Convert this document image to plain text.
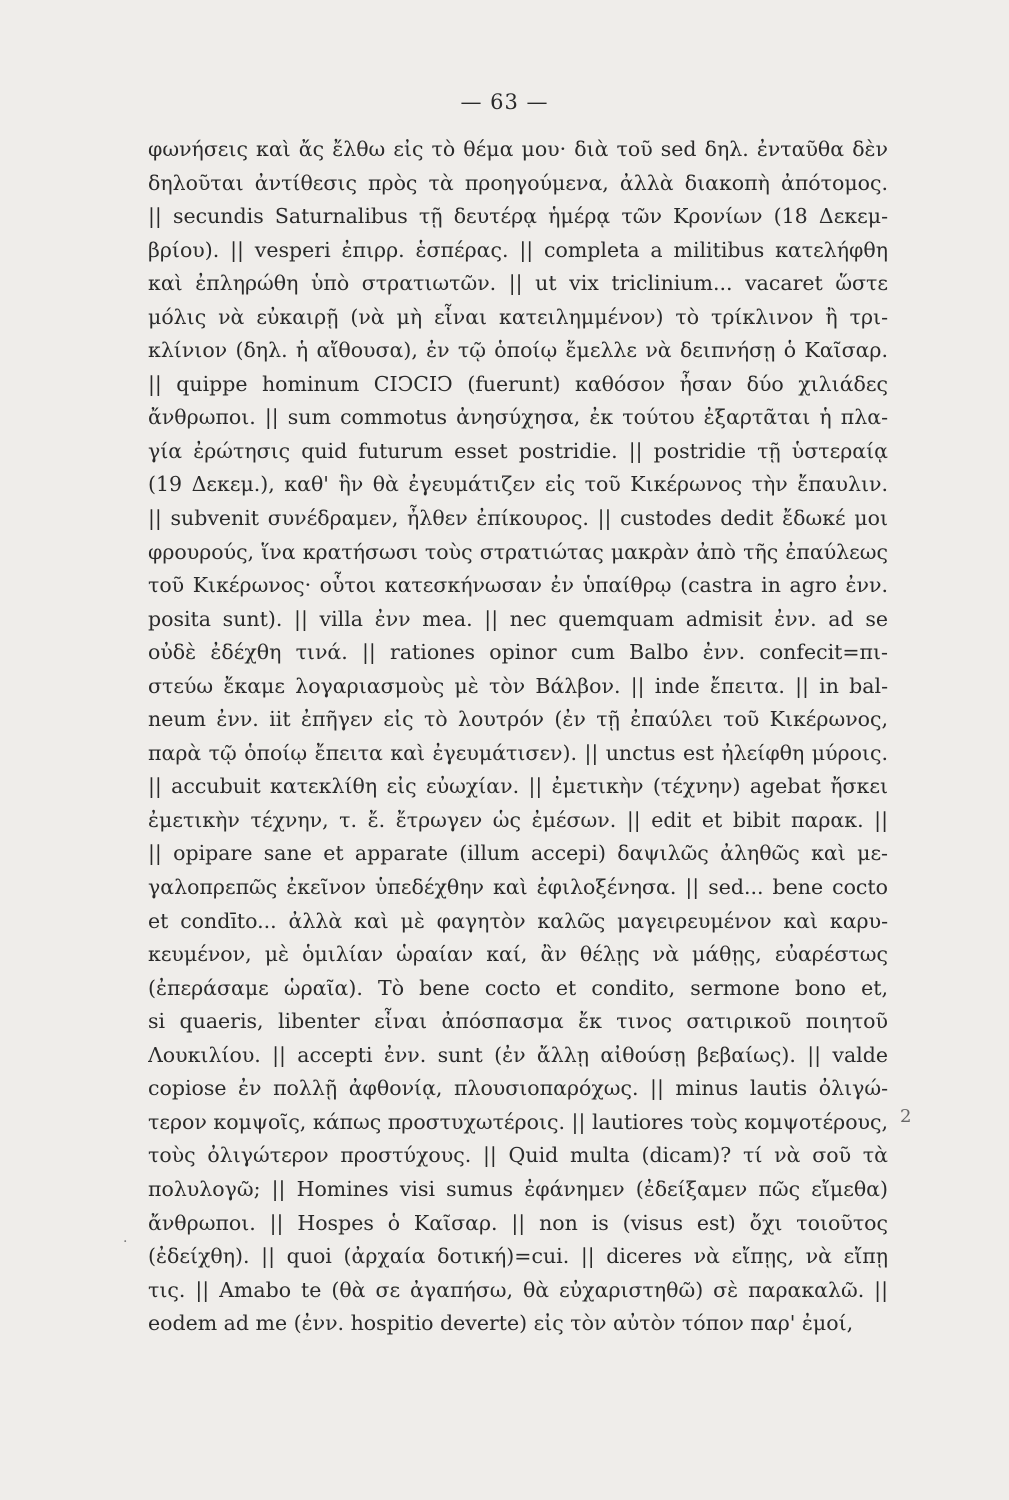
— 63 —
φωνήσεις καὶ ἄς ἔλθω εἰς τὸ θέμα μου· διὰ τοῦ sed δηλ. ἐνταῦθα δὲν
δηλοῦται ἀντίθεσις πρὸς τὰ προηγούμενα, ἀλλὰ διακοπὴ ἀπότομος.
|| secundis Saturnalibus τῇ δευτέρᾳ ἡμέρᾳ τῶν Κρονίων (18 Δεκεμ-
βρίου). || vesperi ἐπιρρ. ἑσπέρας. || completa a militibus κατελήφθη
καὶ ἐπληρώθη ὑπὸ στρατιωτῶν. || ut vix triclinium... vacaret ὥστε
μόλις νὰ εὐκαιρῇ (νὰ μὴ εἶναι κατειλημμένον) τὸ τρίκλινον ἢ τρι-
κλίνιον (δηλ. ἡ αἴθουσα), ἐν τῷ ὁποίῳ ἔμελλε νὰ δειπνήσῃ ὁ Καῖσαρ.
|| quippe hominum CIↃCIↃ (fuerunt) καθόσον ἦσαν δύο χιλιάδες
ἄνθρωποι. || sum commotus ἀνησύχησα, ἐκ τούτου ἐξαρτᾶται ἡ πλα-
γία ἐρώτησις quid futurum esset postridie. || postridie τῇ ὑστεραίᾳ
(19 Δεκεμ.), καθ' ἣν θὰ ἐγευμάτιζεν εἰς τοῦ Κικέρωνος τὴν ἔπαυλιν.
|| subvenit συνέδραμεν, ἦλθεν ἐπίκουρος. || custodes dedit ἔδωκέ μοι
φρουρούς, ἵνα κρατήσωσι τοὺς στρατιώτας μακρὰν ἀπὸ τῆς ἐπαύλεως
τοῦ Κικέρωνος· οὗτοι κατεσκήνωσαν ἐν ὑπαίθρῳ (castra in agro ἐνν.
posita sunt). || villa ἐνν mea. || nec quemquam admisit ἐνν. ad se
οὐδὲ ἐδέχθη τινά. || rationes opinor cum Balbo ἐνν. confecit=πι-
στεύω ἔκαμε λογαριασμοὺς μὲ τὸν Βάλβον. || inde ἔπειτα. || in bal-
neum ἐνν. iit ἐπῆγεν εἰς τὸ λουτρόν (ἐν τῇ ἐπαύλει τοῦ Κικέρωνος,
παρὰ τῷ ὁποίῳ ἔπειτα καὶ ἐγευμάτισεν). || unctus est ἠλείφθη μύροις.
|| accubuit κατεκλίθη εἰς εὐωχίαν. || ἐμετικὴν (τέχνην) agebat ἤσκει
ἐμετικὴν τέχνην, τ. ἔ. ἔτρωγεν ὡς ἐμέσων. || edit et bibit παρακ. ||
|| opipare sane et apparate (illum accepi) δαψιλῶς ἀληθῶς καὶ με-
γαλοπρεπῶς ἐκεῖνον ὑπεδέχθην καὶ ἐφιλοξένησα. || sed... bene cocto
et condīto... ἀλλὰ καὶ μὲ φαγητὸν καλῶς μαγειρευμένον καὶ καρυ-
κευμένον, μὲ ὁμιλίαν ὡραίαν καί, ἂν θέλῃς νὰ μάθῃς, εὐαρέστως
(ἐπεράσαμε ὡραῖα). Τὸ bene cocto et condito, sermone bono et,
si quaeris, libenter εἶναι ἀπόσπασμα ἔκ τινος σατιρικοῦ ποιητοῦ
Λουκιλίου. || accepti ἐνν. sunt (ἐν ἄλλῃ αἰθούσῃ βεβαίως). || valde
copiose ἐν πολλῇ ἀφθονίᾳ, πλουσιοπαρόχως. || minus lautis ὀλιγώ-
τερον κομψοῖς, κάπως προστυχωτέροις. || lautiores τοὺς κομψοτέρους,
τοὺς ὀλιγώτερον προστύχους. || Quid multa (dicam)? τί νὰ σοῦ τὰ
πολυλογῶ; || Homines visi sumus ἐφάνημεν (ἐδείξαμεν πῶς εἴμεθα)
ἄνθρωποι. || Hospes ὁ Καῖσαρ. || non is (visus est) ὄχι τοιοῦτος
(ἐδείχθη). || quoi (ἀρχαία δοτική)=cui. || diceres νὰ εἴπῃς, νὰ εἴπῃ
τις. || Amabo te (θὰ σε ἀγαπήσω, θὰ εὐχαριστηθῶ) σὲ παρακαλῶ. ||
eodem ad me (ἐνν. hospitio deverte) εἰς τὸν αὐτὸν τόπον παρ' ἐμοί,
2
·
